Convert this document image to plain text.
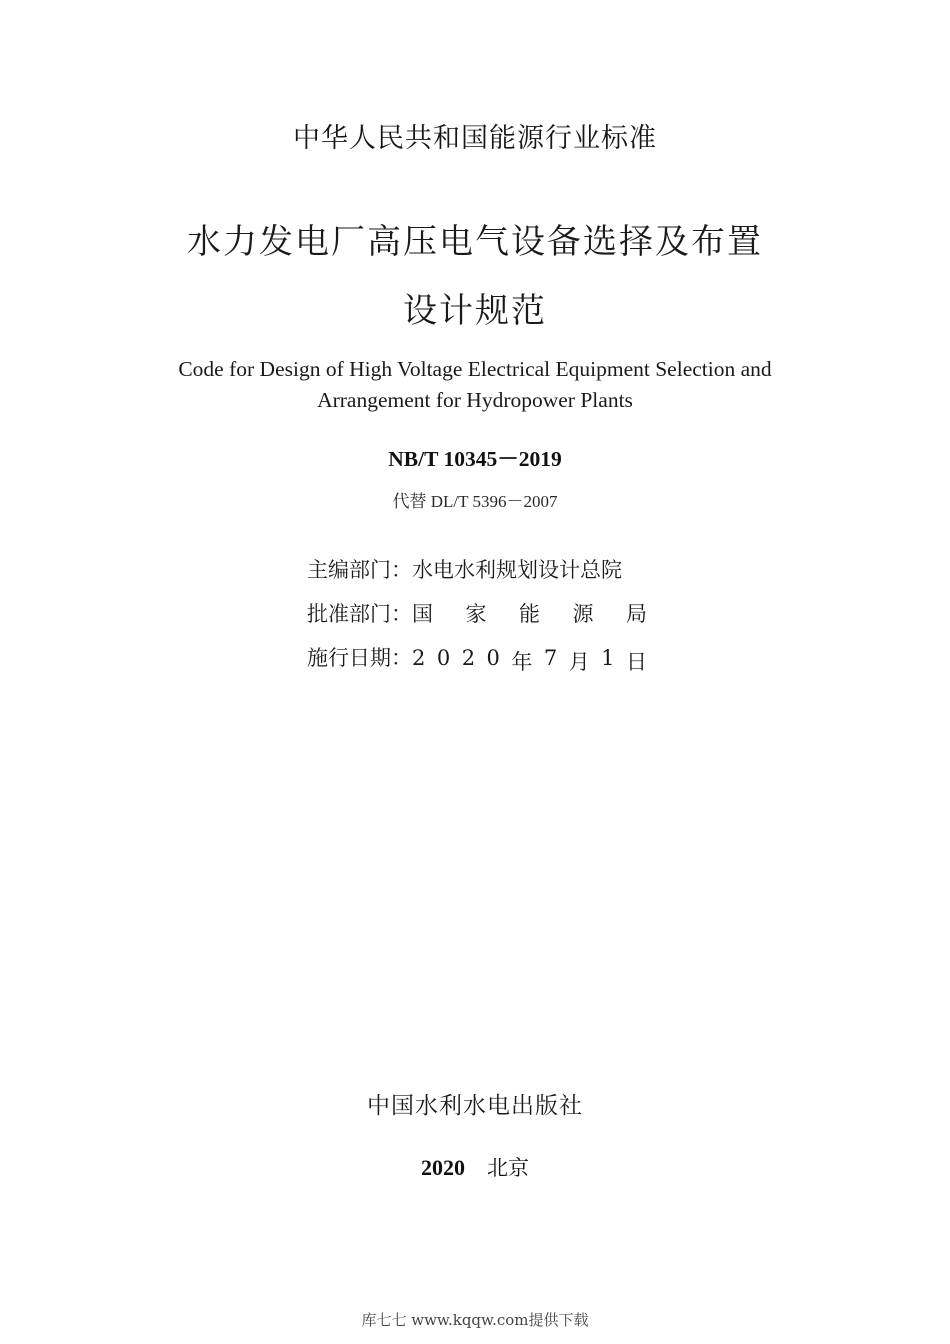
中华人民共和国能源行业标准
水力发电厂高压电气设备选择及布置
设计规范
Code for Design of High Voltage Electrical Equipment Selection and
Arrangement for Hydropower Plants
NB/T 10345－2019
代替 DL/T 5396－2007
主编部门： 水电水利规划设计总院
批准部门： 国 家 能 源 局
施行日期： 2 0 2 0 年 7 月 1 日
中国水利水电出版社
2020 北京
库七七 www.kqqw.com提供下载
